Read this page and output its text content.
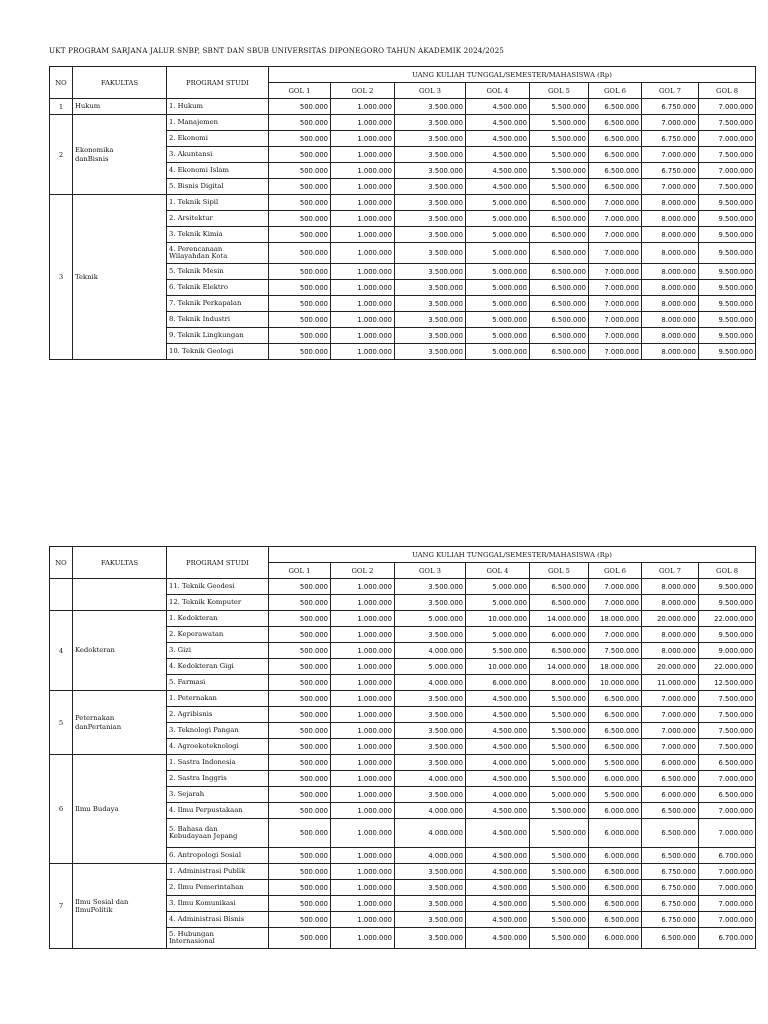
UKT PROGRAM SARJANA JALUR SNBP, SBNT DAN SBUB UNIVERSITAS DIPONEGORO TAHUN AKADEMIK 2024/2025
NO	FAKULTAS	PROGRAM STUDI	UANG KULIAH TUNGGAL/SEMESTER/MAHASISWA (Rp)							
			GOL 1	GOL 2	GOL 3	GOL 4	GOL 5	GOL 6	GOL 7	GOL 8
1	Hukum	1. Hukum	500.000	1.000.000	3.500.000	4.500.000	5.500.000	6.500.000	6.750.000	7.000.000
2	Ekonomika
danBisnis	1. Manajemen	500.000	1.000.000	3.500.000	4.500.000	5.500.000	6.500.000	7.000.000	7.500.000
		2. Ekonomi	500.000	1.000.000	3.500.000	4.500.000	5.500.000	6.500.000	6.750.000	7.000.000
		3. Akuntansi	500.000	1.000.000	3.500.000	4.500.000	5.500.000	6.500.000	7.000.000	7.500.000
		4. Ekonomi Islam	500.000	1.000.000	3.500.000	4.500.000	5.500.000	6.500.000	6.750.000	7.000.000
		5. Bisnis Digital	500.000	1.000.000	3.500.000	4.500.000	5.500.000	6.500.000	7.000.000	7.500.000
3	Teknik	1. Teknik Sipil	500.000	1.000.000	3.500.000	5.000.000	6.500.000	7.000.000	8.000.000	9.500.000
		2. Arsitektur	500.000	1.000.000	3.500.000	5.000.000	6.500.000	7.000.000	8.000.000	9.500.000
		3. Teknik Kimia	500.000	1.000.000	3.500.000	5.000.000	6.500.000	7.000.000	8.000.000	9.500.000
		4. Perencanaan
Wilayahdan Kota	500.000	1.000.000	3.500.000	5.000.000	6.500.000	7.000.000	8.000.000	9.500.000
		5. Teknik Mesin	500.000	1.000.000	3.500.000	5.000.000	6.500.000	7.000.000	8.000.000	9.500.000
		6. Teknik Elektro	500.000	1.000.000	3.500.000	5.000.000	6.500.000	7.000.000	8.000.000	9.500.000
		7. Teknik Perkapalan	500.000	1.000.000	3.500.000	5.000.000	6.500.000	7.000.000	8.000.000	9.500.000
		8. Teknik Industri	500.000	1.000.000	3.500.000	5.000.000	6.500.000	7.000.000	8.000.000	9.500.000
		9. Teknik Lingkungan	500.000	1.000.000	3.500.000	5.000.000	6.500.000	7.000.000	8.000.000	9.500.000
		10. Teknik Geologi	500.000	1.000.000	3.500.000	5.000.000	6.500.000	7.000.000	8.000.000	9.500.000
NO	FAKULTAS	PROGRAM STUDI	UANG KULIAH TUNGGAL/SEMESTER/MAHASISWA (Rp)							
			GOL 1	GOL 2	GOL 3	GOL 4	GOL 5	GOL 6	GOL 7	GOL 8
		11. Teknik Geodesi	500.000	1.000.000	3.500.000	5.000.000	6.500.000	7.000.000	8.000.000	9.500.000
		12. Teknik Komputer	500.000	1.000.000	3.500.000	5.000.000	6.500.000	7.000.000	8.000.000	9.500.000
4	Kedokteran	1. Kedokteran	500.000	1.000.000	5.000.000	10.000.000	14.000.000	18.000.000	20.000.000	22.000.000
		2. Keperawatan	500.000	1.000.000	3.500.000	5.000.000	6.000.000	7.000.000	8.000.000	9.500.000
		3. Gizi	500.000	1.000.000	4.000.000	5.500.000	6.500.000	7.500.000	8.000.000	9.000.000
		4. Kedokteran Gigi	500.000	1.000.000	5.000.000	10.000.000	14.000.000	18.000.000	20.000.000	22.000.000
		5. Farmasi	500.000	1.000.000	4.000.000	6.000.000	8.000.000	10.000.000	11.000.000	12.500.000
5	Peternakan
danPertanian	1. Peternakan	500.000	1.000.000	3.500.000	4.500.000	5.500.000	6.500.000	7.000.000	7.500.000
		2. Agribisnis	500.000	1.000.000	3.500.000	4.500.000	5.500.000	6.500.000	7.000.000	7.500.000
		3. Teknologi Pangan	500.000	1.000.000	3.500.000	4.500.000	5.500.000	6.500.000	7.000.000	7.500.000
		4. Agroekoteknologi	500.000	1.000.000	3.500.000	4.500.000	5.500.000	6.500.000	7.000.000	7.500.000
6	Ilmu Budaya	1. Sastra Indonesia	500.000	1.000.000	3.500.000	4.000.000	5.000.000	5.500.000	6.000.000	6.500.000
		2. Sastra Inggris	500.000	1.000.000	4.000.000	4.500.000	5.500.000	6.000.000	6.500.000	7.000.000
		3. Sejarah	500.000	1.000.000	3.500.000	4.000.000	5.000.000	5.500.000	6.000.000	6.500.000
		4. Ilmu Perpustakaan	500.000	1.000.000	4.000.000	4.500.000	5.500.000	6.000.000	6.500.000	7.000.000
		5. Bahasa dan
Kebudayaan Jepang	500.000	1.000.000	4.000.000	4.500.000	5.500.000	6.000.000	6.500.000	7.000.000
		6. Antropologi Sosial	500.000	1.000.000	4.000.000	4.500.000	5.500.000	6.000.000	6.500.000	6.700.000
7	Ilmu Sosial dan
IlmuPolitik	1. Administrasi Publik	500.000	1.000.000	3.500.000	4.500.000	5.500.000	6.500.000	6.750.000	7.000.000
		2. Ilmu Pemerintahan	500.000	1.000.000	3.500.000	4.500.000	5.500.000	6.500.000	6.750.000	7.000.000
		3. Ilmu Komunikasi	500.000	1.000.000	3.500.000	4.500.000	5.500.000	6.500.000	6.750.000	7.000.000
		4. Administrasi Bisnis	500.000	1.000.000	3.500.000	4.500.000	5.500.000	6.500.000	6.750.000	7.000.000
		5. Hubungan
Internasional	500.000	1.000.000	3.500.000	4.500.000	5.500.000	6.000.000	6.500.000	6.700.000
